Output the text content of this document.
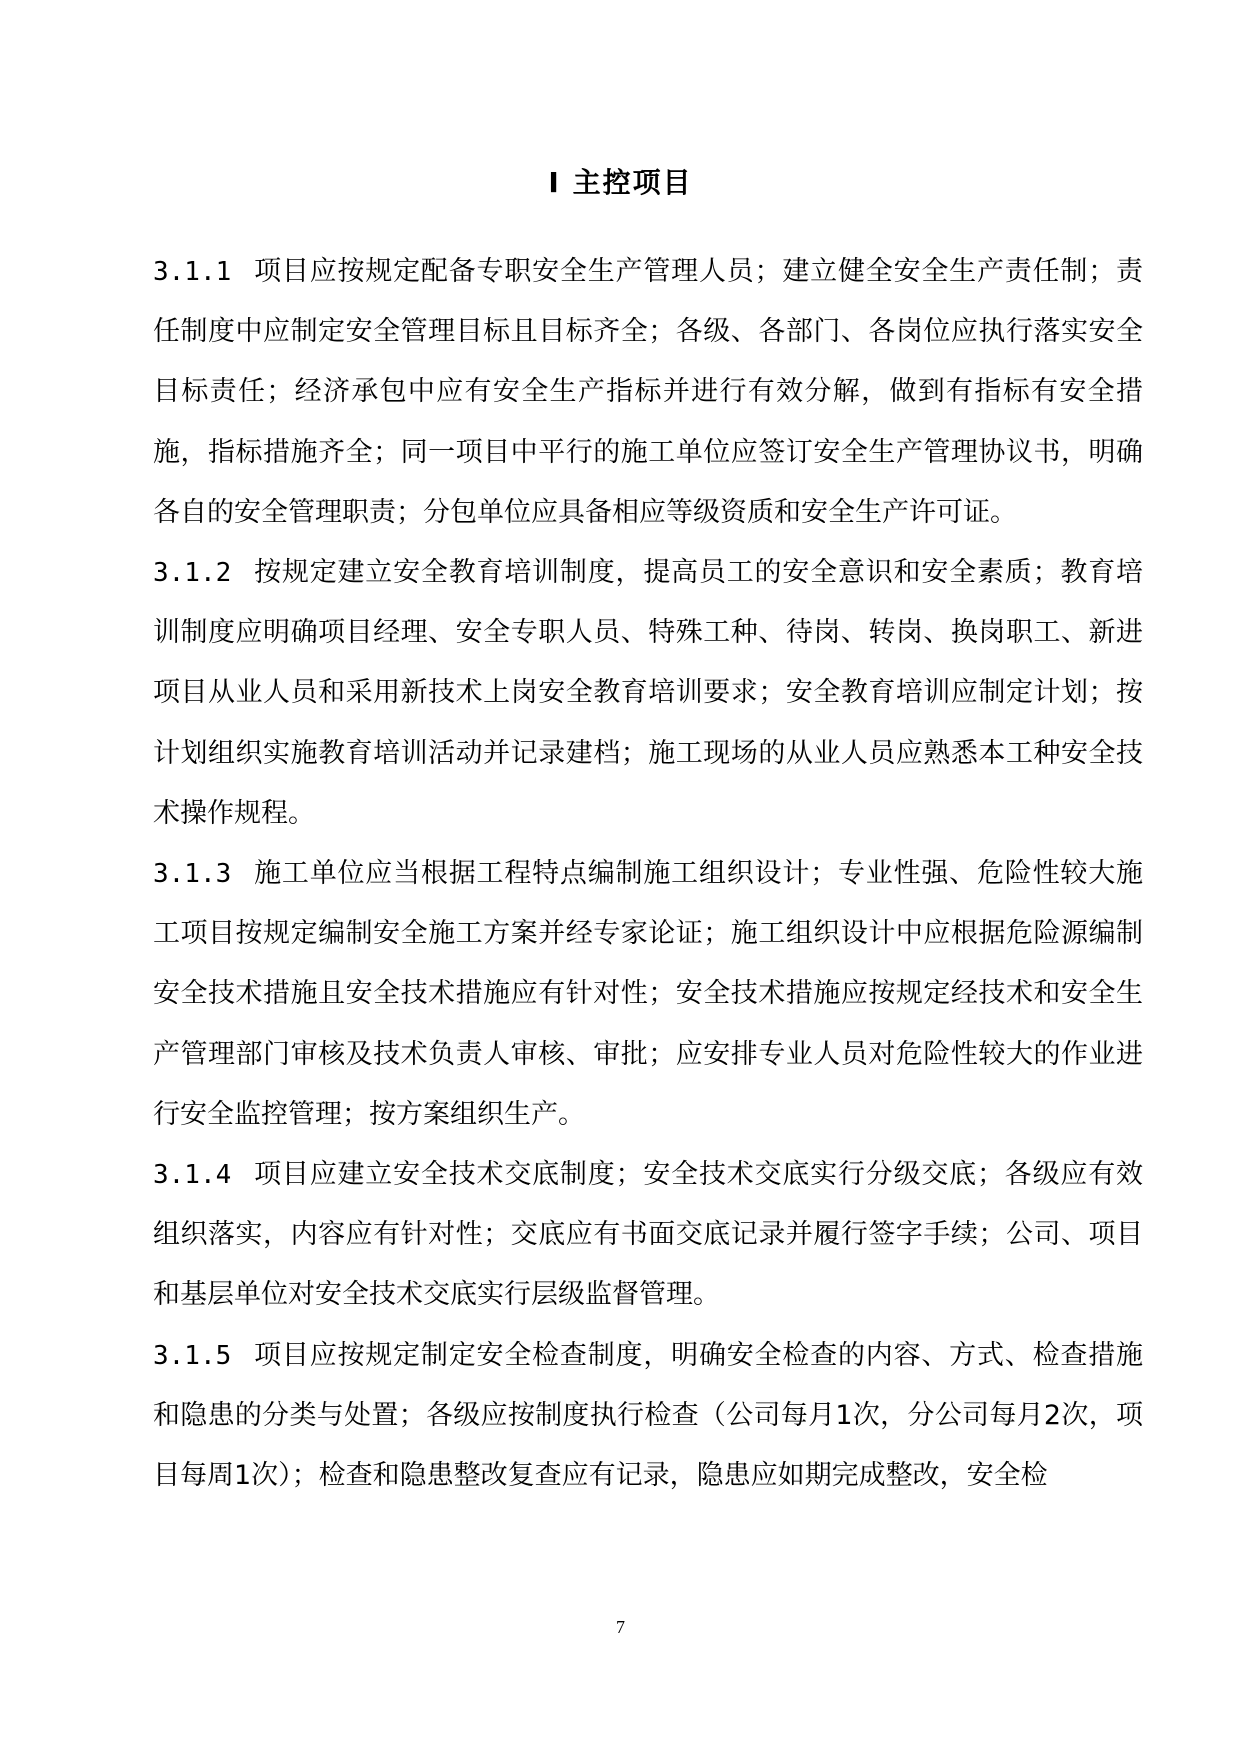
Ⅰ 主控项目

3.1.1 项目应按规定配备专职安全生产管理人员；建立健全安全生产责任制；责任制度中应制定安全管理目标且目标齐全；各级、各部门、各岗位应执行落实安全目标责任；经济承包中应有安全生产指标并进行有效分解，做到有指标有安全措施，指标措施齐全；同一项目中平行的施工单位应签订安全生产管理协议书，明确各自的安全管理职责；分包单位应具备相应等级资质和安全生产许可证。

3.1.2 按规定建立安全教育培训制度，提高员工的安全意识和安全素质；教育培训制度应明确项目经理、安全专职人员、特殊工种、待岗、转岗、换岗职工、新进项目从业人员和采用新技术上岗安全教育培训要求；安全教育培训应制定计划；按计划组织实施教育培训活动并记录建档；施工现场的从业人员应熟悉本工种安全技术操作规程。

3.1.3 施工单位应当根据工程特点编制施工组织设计；专业性强、危险性较大施工项目按规定编制安全施工方案并经专家论证；施工组织设计中应根据危险源编制安全技术措施且安全技术措施应有针对性；安全技术措施应按规定经技术和安全生产管理部门审核及技术负责人审核、审批；应安排专业人员对危险性较大的作业进行安全监控管理；按方案组织生产。

3.1.4 项目应建立安全技术交底制度；安全技术交底实行分级交底；各级应有效组织落实，内容应有针对性；交底应有书面交底记录并履行签字手续；公司、项目和基层单位对安全技术交底实行层级监督管理。

3.1.5 项目应按规定制定安全检查制度，明确安全检查的内容、方式、检查措施和隐患的分类与处置；各级应按制度执行检查（公司每月1次，分公司每月2次，项目每周1次）；检查和隐患整改复查应有记录，隐患应如期完成整改，安全检

7
